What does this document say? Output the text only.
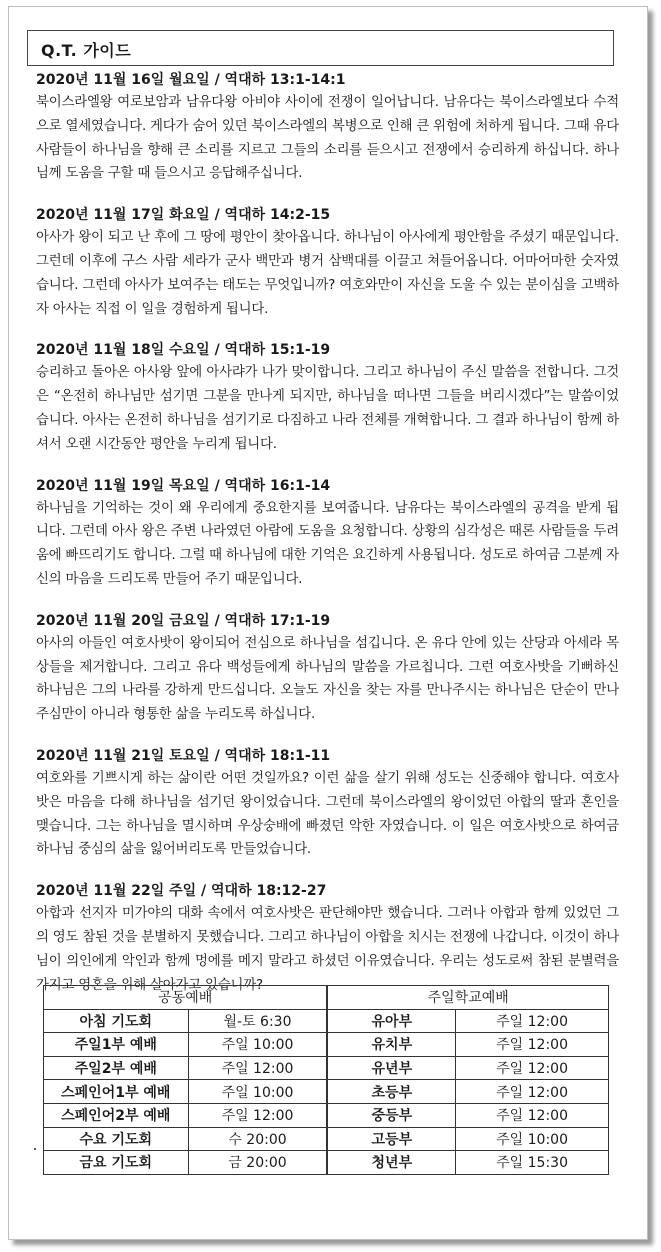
Q.T. 가이드
2020년 11월 16일 월요일 / 역대하 13:1-14:1
북이스라엘왕 여로보암과 남유다왕 아비야 사이에 전쟁이 일어납니다. 남유다는 북이스라엘보다 수적으로 열세였습니다. 게다가 숨어 있던 북이스라엘의 복병으로 인해 큰 위험에 처하게 됩니다. 그때 유다 사람들이 하나님을 향해 큰 소리를 지르고 그들의 소리를 듣으시고 전쟁에서 승리하게 하십니다. 하나님께 도움을 구할 때 들으시고 응답해주십니다.
2020년 11월 17일 화요일 / 역대하 14:2-15
아사가 왕이 되고 난 후에 그 땅에 평안이 찾아옵니다. 하나님이 아사에게 평안함을 주셨기 때문입니다. 그런데 이후에 구스 사람 세라가 군사 백만과 병거 삼백대를 이끌고 쳐들어옵니다. 어마어마한 숫자였습니다. 그런데 아사가 보여주는 태도는 무엇입니까? 여호와만이 자신을 도울 수 있는 분이심을 고백하자 아사는 직접 이 일을 경험하게 됩니다.
2020년 11월 18일 수요일 / 역대하 15:1-19
승리하고 돌아온 아사왕 앞에 아사랴가 나가 맞이합니다. 그리고 하나님이 주신 말씀을 전합니다. 그것은 “온전히 하나님만 섬기면 그분을 만나게 되지만, 하나님을 떠나면 그들을 버리시겠다”는 말씀이었습니다. 아사는 온전히 하나님을 섬기기로 다짐하고 나라 전체를 개혁합니다. 그 결과 하나님이 함께 하셔서 오랜 시간동안 평안을 누리게 됩니다.
2020년 11월 19일 목요일 / 역대하 16:1-14
하나님을 기억하는 것이 왜 우리에게 중요한지를 보여줍니다. 남유다는 북이스라엘의 공격을 받게 됩니다. 그런데 아사 왕은 주변 나라였던 아람에 도움을 요청합니다. 상황의 심각성은 때론 사람들을 두려움에 빠뜨리기도 합니다. 그럴 때 하나님에 대한 기억은 요긴하게 사용됩니다. 성도로 하여금 그분께 자신의 마음을 드리도록 만들어 주기 때문입니다.
2020년 11월 20일 금요일 / 역대하 17:1-19
아사의 아들인 여호사밧이 왕이되어 전심으로 하나님을 섬깁니다. 온 유다 안에 있는 산당과 아세라 목상들을 제거합니다. 그리고 유다 백성들에게 하나님의 말씀을 가르칩니다. 그런 여호사밧을 기뻐하신 하나님은 그의 나라를 강하게 만드십니다. 오늘도 자신을 찾는 자를 만나주시는 하나님은 단순이 만나주심만이 아니라 형통한 삶을 누리도록 하십니다.
2020년 11월 21일 토요일 / 역대하 18:1-11
여호와를 기쁘시게 하는 삶이란 어떤 것일까요? 이런 삶을 살기 위해 성도는 신중해야 합니다. 여호사밧은 마음을 다해 하나님을 섬기던 왕이었습니다. 그런데 북이스라엘의 왕이었던 아합의 딸과 혼인을 맺습니다. 그는 하나님을 멸시하며 우상숭배에 빠졌던 악한 자였습니다. 이 일은 여호사밧으로 하여금 하나님 중심의 삶을 잃어버리도록 만들었습니다.
2020년 11월 22일 주일 / 역대하 18:12-27
아합과 선지자 미가야의 대화 속에서 여호사밧은 판단해야만 했습니다. 그러나 아합과 함께 있었던 그의 영도 참된 것을 분별하지 못했습니다. 그리고 하나님이 아합을 치시는 전쟁에 나갑니다. 이것이 하나님이 의인에게 악인과 함께 멍에를 메지 말라고 하셨던 이유였습니다. 우리는 성도로써 참된 분별력을 가지고 영혼을 위해 살아가고 있습니까?
공동예배		주일학교예배	
아침 기도회	월-토 6:30	유아부	주일 12:00
주일1부 예배	주일 10:00	유치부	주일 12:00
주일2부 예배	주일 12:00	유년부	주일 12:00
스페인어1부 예배	주일 10:00	초등부	주일 12:00
스페인어2부 예배	주일 12:00	중등부	주일 12:00
수요 기도회	수 20:00	고등부	주일 10:00
금요 기도회	금 20:00	청년부	주일 15:30
